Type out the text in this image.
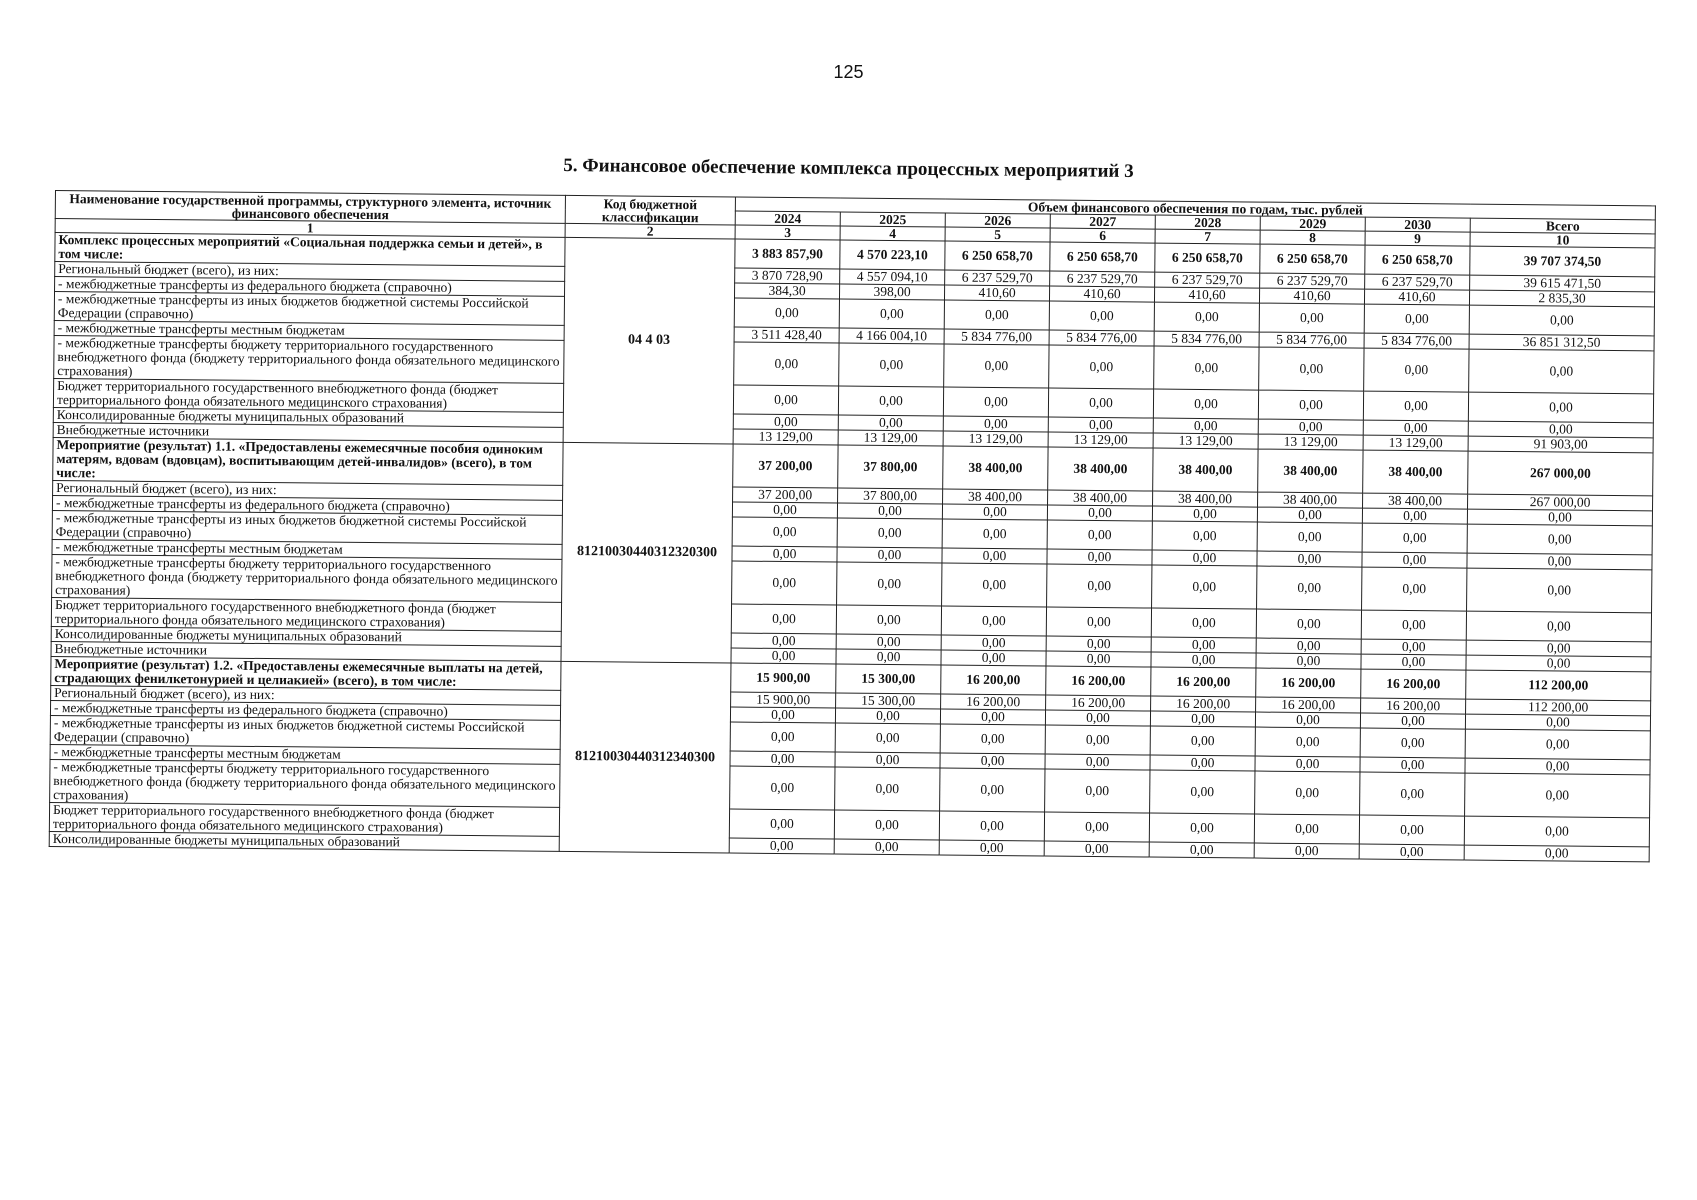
125
5. Финансовое обеспечение комплекса процессных мероприятий 3
Наименование государственной программы, структурного элемента, источник финансового обеспечения	Код бюджетной классификации	Объем финансового обеспечения по годам, тыс. рублей							
		2024	2025	2026	2027	2028	2029	2030	Всего
1	2	3	4	5	6	7	8	9	10
Комплекс процессных мероприятий «Социальная поддержка семьи и детей», в том числе:	04 4 03	3 883 857,90	4 570 223,10	6 250 658,70	6 250 658,70	6 250 658,70	6 250 658,70	6 250 658,70	39 707 374,50
Региональный бюджет (всего), из них:		3 870 728,90	4 557 094,10	6 237 529,70	6 237 529,70	6 237 529,70	6 237 529,70	6 237 529,70	39 615 471,50
- межбюджетные трансферты из федерального бюджета (справочно)		384,30	398,00	410,60	410,60	410,60	410,60	410,60	2 835,30
- межбюджетные трансферты из иных бюджетов бюджетной системы Российской Федерации (справочно)		0,00	0,00	0,00	0,00	0,00	0,00	0,00	0,00
- межбюджетные трансферты местным бюджетам		3 511 428,40	4 166 004,10	5 834 776,00	5 834 776,00	5 834 776,00	5 834 776,00	5 834 776,00	36 851 312,50
- межбюджетные трансферты бюджету территориального государственного внебюджетного фонда (бюджету территориального фонда обязательного медицинского страхования)		0,00	0,00	0,00	0,00	0,00	0,00	0,00	0,00
Бюджет территориального государственного внебюджетного фонда (бюджет территориального фонда обязательного медицинского страхования)		0,00	0,00	0,00	0,00	0,00	0,00	0,00	0,00
Консолидированные бюджеты муниципальных образований		0,00	0,00	0,00	0,00	0,00	0,00	0,00	0,00
Внебюджетные источники		13 129,00	13 129,00	13 129,00	13 129,00	13 129,00	13 129,00	13 129,00	91 903,00
Мероприятие (результат) 1.1. «Предоставлены ежемесячные пособия одиноким матерям, вдовам (вдовцам), воспитывающим детей-инвалидов» (всего), в том числе:	81210030440312320300	37 200,00	37 800,00	38 400,00	38 400,00	38 400,00	38 400,00	38 400,00	267 000,00
Региональный бюджет (всего), из них:		37 200,00	37 800,00	38 400,00	38 400,00	38 400,00	38 400,00	38 400,00	267 000,00
- межбюджетные трансферты из федерального бюджета (справочно)		0,00	0,00	0,00	0,00	0,00	0,00	0,00	0,00
- межбюджетные трансферты из иных бюджетов бюджетной системы Российской Федерации (справочно)		0,00	0,00	0,00	0,00	0,00	0,00	0,00	0,00
- межбюджетные трансферты местным бюджетам		0,00	0,00	0,00	0,00	0,00	0,00	0,00	0,00
- межбюджетные трансферты бюджету территориального государственного внебюджетного фонда (бюджету территориального фонда обязательного медицинского страхования)		0,00	0,00	0,00	0,00	0,00	0,00	0,00	0,00
Бюджет территориального государственного внебюджетного фонда (бюджет территориального фонда обязательного медицинского страхования)		0,00	0,00	0,00	0,00	0,00	0,00	0,00	0,00
Консолидированные бюджеты муниципальных образований		0,00	0,00	0,00	0,00	0,00	0,00	0,00	0,00
Внебюджетные источники		0,00	0,00	0,00	0,00	0,00	0,00	0,00	0,00
Мероприятие (результат) 1.2. «Предоставлены ежемесячные выплаты на детей, страдающих фенилкетонурией и целиакией» (всего), в том числе:	81210030440312340300	15 900,00	15 300,00	16 200,00	16 200,00	16 200,00	16 200,00	16 200,00	112 200,00
Региональный бюджет (всего), из них:		15 900,00	15 300,00	16 200,00	16 200,00	16 200,00	16 200,00	16 200,00	112 200,00
- межбюджетные трансферты из федерального бюджета (справочно)		0,00	0,00	0,00	0,00	0,00	0,00	0,00	0,00
- межбюджетные трансферты из иных бюджетов бюджетной системы Российской Федерации (справочно)		0,00	0,00	0,00	0,00	0,00	0,00	0,00	0,00
- межбюджетные трансферты местным бюджетам		0,00	0,00	0,00	0,00	0,00	0,00	0,00	0,00
- межбюджетные трансферты бюджету территориального государственного внебюджетного фонда (бюджету территориального фонда обязательного медицинского страхования)		0,00	0,00	0,00	0,00	0,00	0,00	0,00	0,00
Бюджет территориального государственного внебюджетного фонда (бюджет территориального фонда обязательного медицинского страхования)		0,00	0,00	0,00	0,00	0,00	0,00	0,00	0,00
Консолидированные бюджеты муниципальных образований		0,00	0,00	0,00	0,00	0,00	0,00	0,00	0,00
